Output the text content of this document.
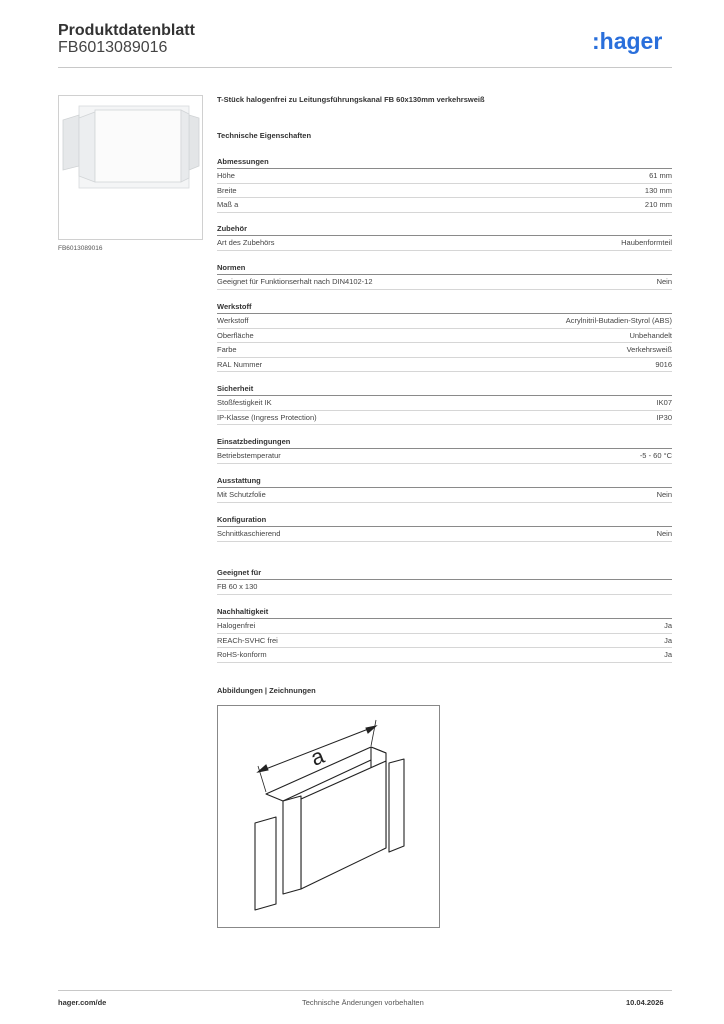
Produktdatenblatt
FB6013089016	:hager
FB6013089016
T-Stück halogenfrei zu Leitungsführungskanal FB 60x130mm verkehrsweiß
Technische Eigenschaften
Abmessungen
Höhe	61 mm
Breite	130 mm
Maß a	210 mm
Zubehör
Art des Zubehörs	Haubenformteil
Normen
Geeignet für Funktionserhalt nach DIN4102-12	Nein
Werkstoff
Werkstoff	Acrylnitril-Butadien-Styrol (ABS)
Oberfläche	Unbehandelt
Farbe	Verkehrsweiß
RAL Nummer	9016
Sicherheit
Stoßfestigkeit IK	IK07
IP-Klasse (Ingress Protection)	IP30
Einsatzbedingungen
Betriebstemperatur	-5 - 60 °C
Ausstattung
Mit Schutzfolie	Nein
Konfiguration
Schnittkaschierend	Nein
Geeignet für
FB 60 x 130
Nachhaltigkeit
Halogenfrei	Ja
REACh-SVHC frei	Ja
RoHS-konform	Ja
Abbildungen | Zeichnungen
a
hager.com/de	Technische Änderungen vorbehalten	10.04.2026
